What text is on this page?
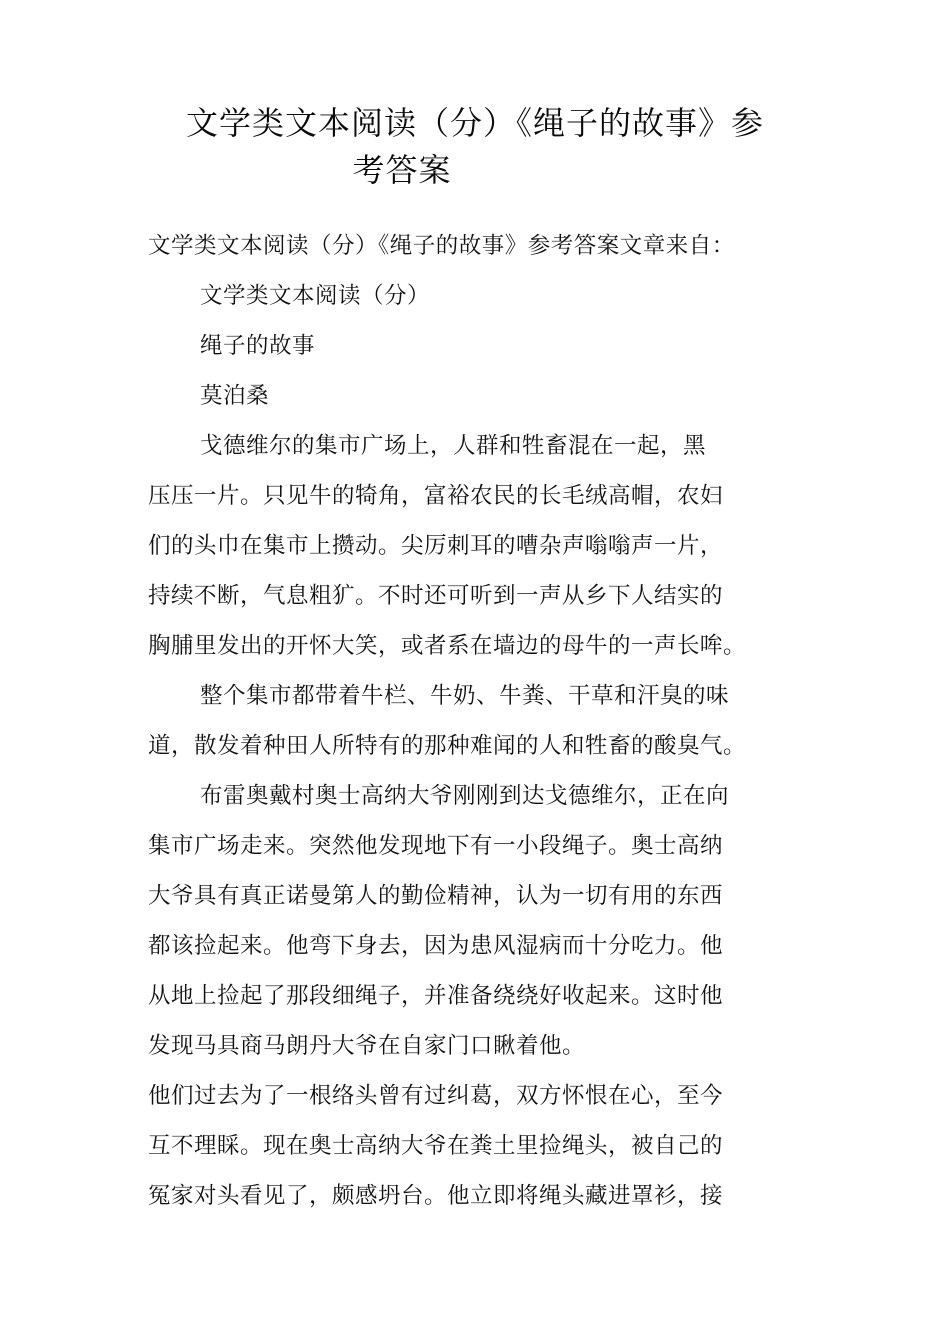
文学类文本阅读（分）《绳子的故事》参
考答案
文学类文本阅读（分）《绳子的故事》参考答案文章来自：
文学类文本阅读（分）
绳子的故事
莫泊桑
戈德维尔的集市广场上，人群和牲畜混在一起，黑
压压一片。只见牛的犄角，富裕农民的长毛绒高帽，农妇
们的头巾在集市上攒动。尖厉刺耳的嘈杂声嗡嗡声一片，
持续不断，气息粗犷。不时还可听到一声从乡下人结实的
胸脯里发出的开怀大笑，或者系在墙边的母牛的一声长哞。
整个集市都带着牛栏、牛奶、牛粪、干草和汗臭的味
道，散发着种田人所特有的那种难闻的人和牲畜的酸臭气。
布雷奥戴村奥士高纳大爷刚刚到达戈德维尔，正在向
集市广场走来。突然他发现地下有一小段绳子。奥士高纳
大爷具有真正诺曼第人的勤俭精神，认为一切有用的东西
都该捡起来。他弯下身去，因为患风湿病而十分吃力。他
从地上捡起了那段细绳子，并准备绕绕好收起来。这时他
发现马具商马朗丹大爷在自家门口瞅着他。
他们过去为了一根络头曾有过纠葛，双方怀恨在心，至今
互不理睬。现在奥士高纳大爷在粪土里捡绳头，被自己的
冤家对头看见了，颇感坍台。他立即将绳头藏进罩衫，接
